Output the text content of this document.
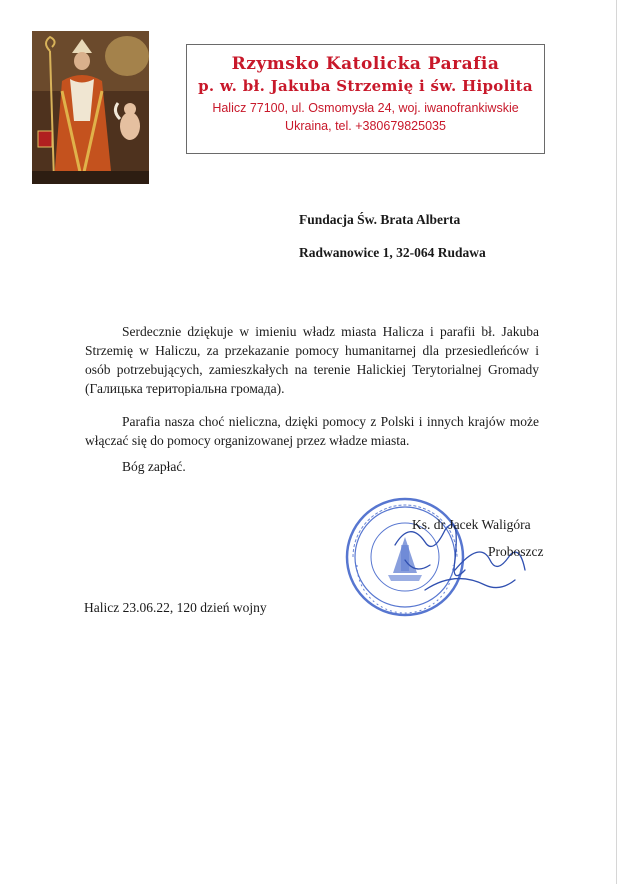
Rzymsko Katolicka Parafia
p. w. bł. Jakuba Strzemię i św. Hipolita
Halicz 77100, ul. Osmomysła 24, woj. iwanofrankiwskie
Ukraina, tel. +380679825035
Fundacja Św. Brata Alberta
Radwanowice 1, 32-064 Rudawa

Serdecznie dziękuje w imieniu władz miasta Halicza i parafii bł. Jakuba Strzemię w Haliczu, za przekazanie pomocy humanitarnej dla przesiedleńców i osób potrzebujących, zamieszkałych na terenie Halickiej Terytorialnej Gromady (Галицька територіальна громада).

Parafia nasza choć nieliczna, dzięki pomocy z Polski i innych krajów może włączać się do pomocy organizowanej przez władze miasta.

Bóg zapłać.

Ks. dr Jacek Waligóra
Proboszcz
Halicz 23.06.22, 120 dzień wojny
